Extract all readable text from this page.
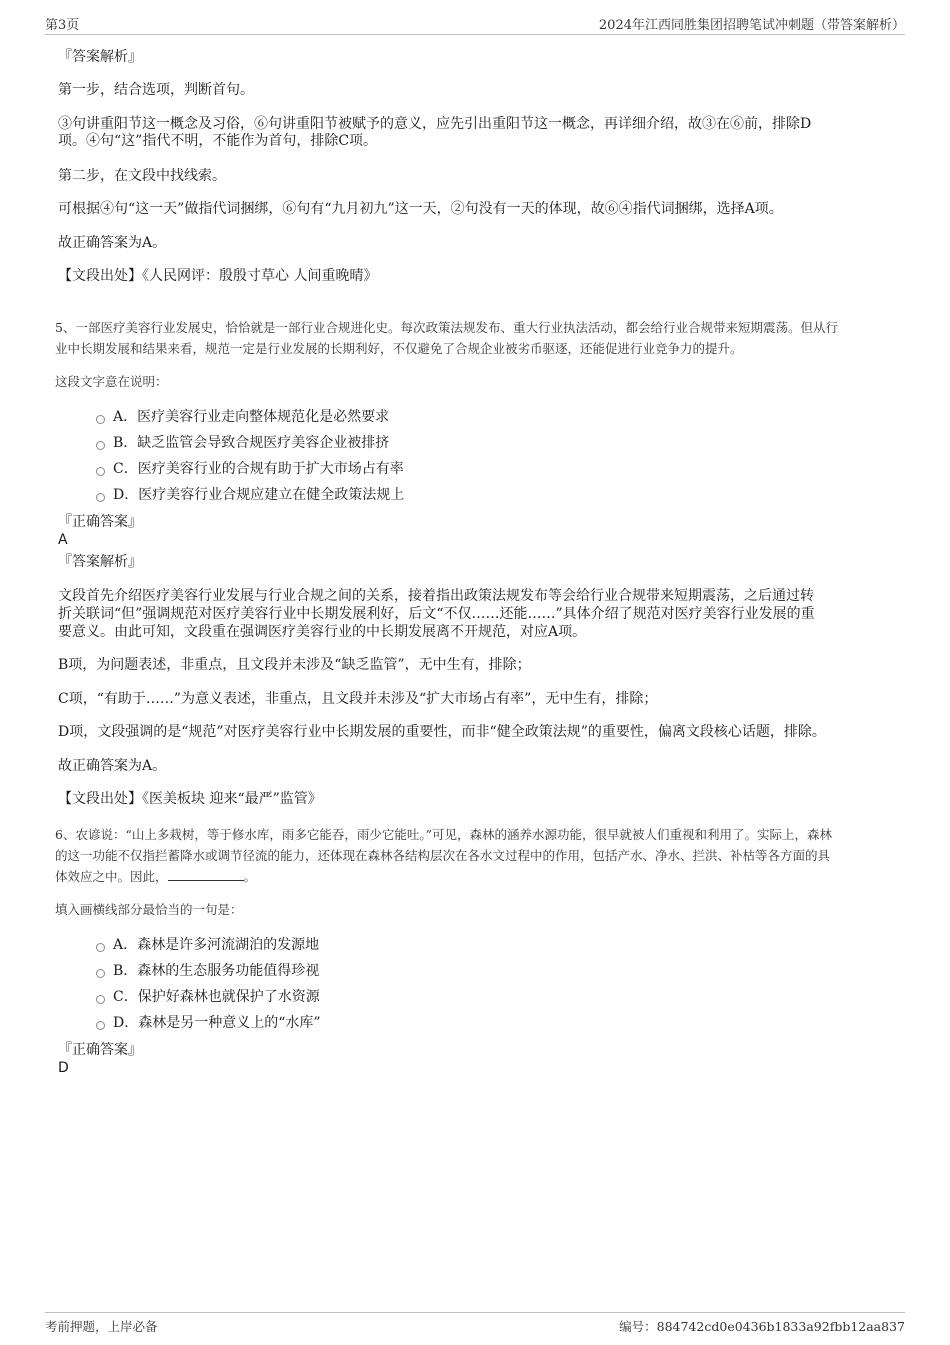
第3页	2024年江西同胜集团招聘笔试冲刺题（带答案解析）
『答案解析』
第一步，结合选项，判断首句。
③句讲重阳节这一概念及习俗，⑥句讲重阳节被赋予的意义，应先引出重阳节这一概念，再详细介绍，故③在⑥前，排除D
项。④句“这”指代不明，不能作为首句，排除C项。
第二步，在文段中找线索。
可根据④句“这一天”做指代词捆绑，⑥句有“九月初九”这一天，②句没有一天的体现，故⑥④指代词捆绑，选择A项。
故正确答案为A。
【文段出处】《人民网评：殷殷寸草心 人间重晚晴》
5、一部医疗美容行业发展史，恰恰就是一部行业合规进化史。每次政策法规发布、重大行业执法活动，都会给行业合规带来短期震荡。但从行
业中长期发展和结果来看，规范一定是行业发展的长期利好，不仅避免了合规企业被劣币驱逐，还能促进行业竞争力的提升。
这段文字意在说明：
A．医疗美容行业走向整体规范化是必然要求
B．缺乏监管会导致合规医疗美容企业被排挤
C．医疗美容行业的合规有助于扩大市场占有率
D．医疗美容行业合规应建立在健全政策法规上
『正确答案』
A
『答案解析』
文段首先介绍医疗美容行业发展与行业合规之间的关系，接着指出政策法规发布等会给行业合规带来短期震荡，之后通过转
折关联词“但”强调规范对医疗美容行业中长期发展利好，后文“不仅……还能……”具体介绍了规范对医疗美容行业发展的重
要意义。由此可知，文段重在强调医疗美容行业的中长期发展离不开规范，对应A项。
B项，为问题表述，非重点，且文段并未涉及“缺乏监管”，无中生有，排除；
C项，“有助于……”为意义表述，非重点，且文段并未涉及“扩大市场占有率”，无中生有，排除；
D项，文段强调的是“规范”对医疗美容行业中长期发展的重要性，而非“健全政策法规”的重要性，偏离文段核心话题，排除。
故正确答案为A。
【文段出处】《医美板块 迎来“最严”监管》
6、农谚说：“山上多栽树，等于修水库，雨多它能吞，雨少它能吐。”可见，森林的涵养水源功能，很早就被人们重视和利用了。实际上，森林
的这一功能不仅指拦蓄降水或调节径流的能力，还体现在森林各结构层次在各水文过程中的作用，包括产水、净水、拦洪、补枯等各方面的具
体效应之中。因此，	。
填入画横线部分最恰当的一句是：
A．森林是许多河流湖泊的发源地
B．森林的生态服务功能值得珍视
C．保护好森林也就保护了水资源
D．森林是另一种意义上的“水库”
『正确答案』
D
考前押题，上岸必备	编号：884742cd0e0436b1833a92fbb12aa837
